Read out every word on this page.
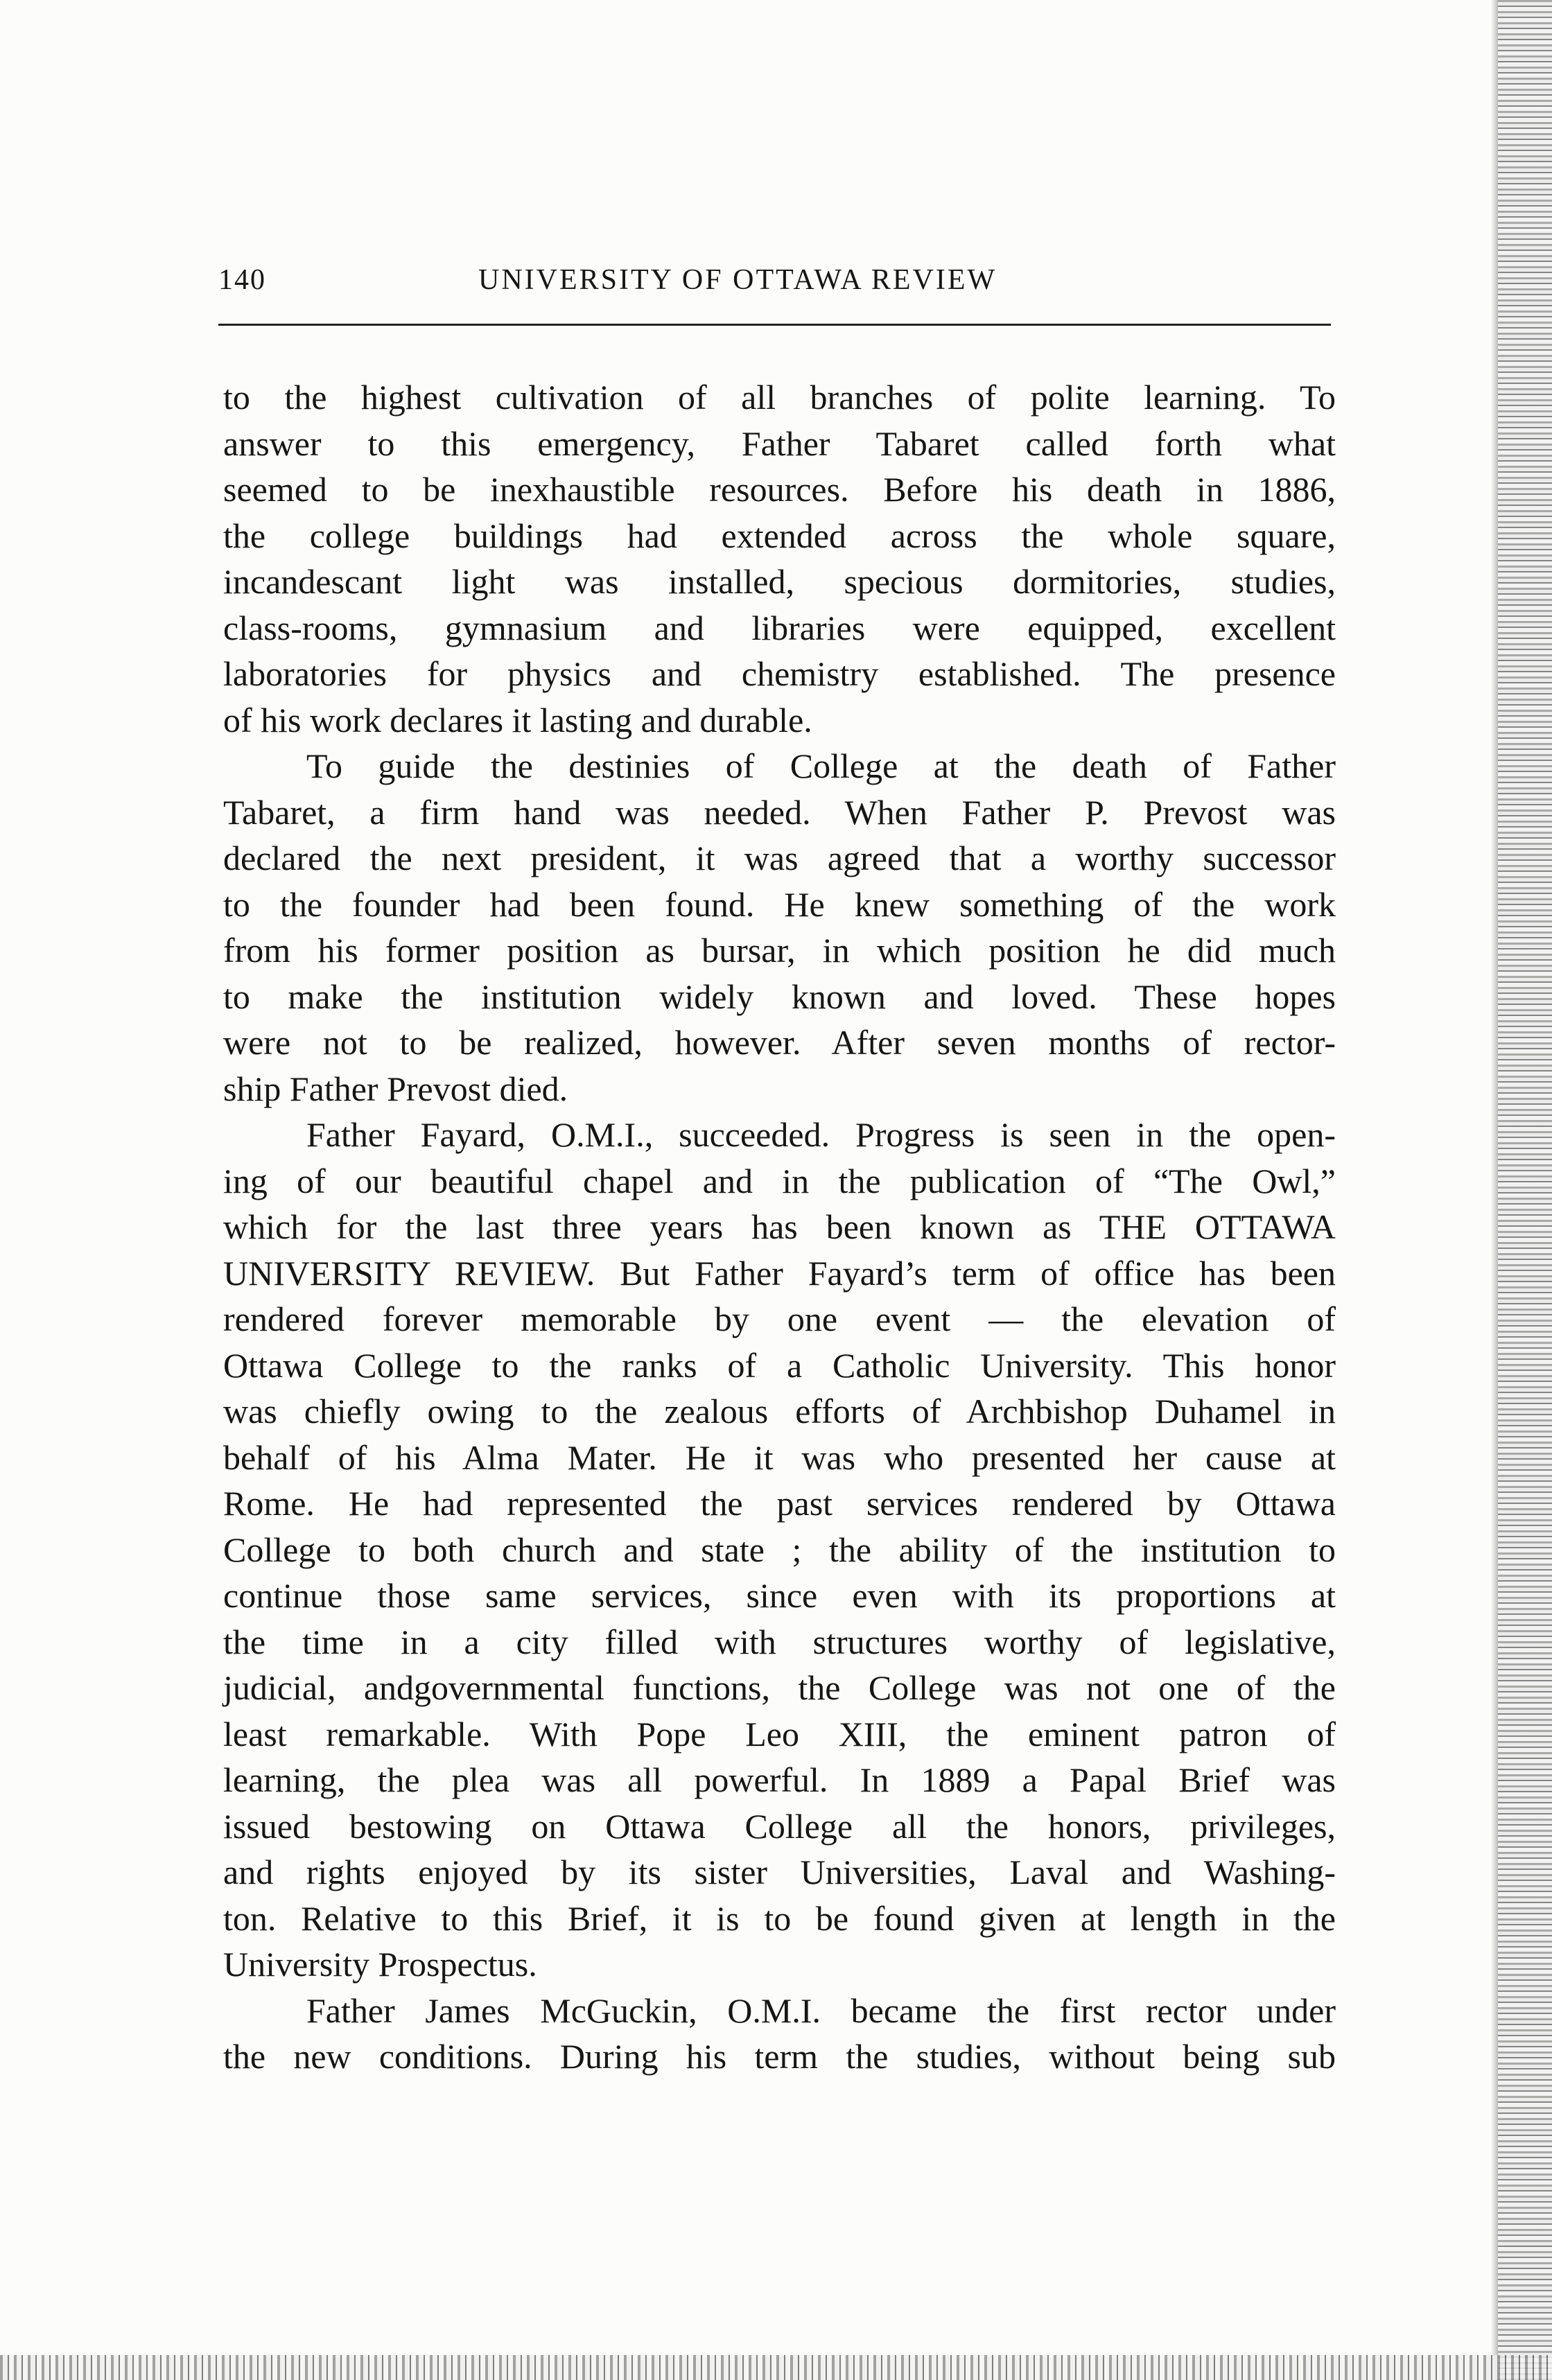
140	UNIVERSITY OF OTTAWA REVIEW
to the highest cultivation of all branches of polite learning. To
answer to this emergency, Father Tabaret called forth what
seemed to be inexhaustible resources. Before his death in 1886,
the college buildings had extended across the whole square,
incandescant light was installed, specious dormitories, studies,
class-rooms, gymnasium and libraries were equipped, excellent
laboratories for physics and chemistry established. The presence
of his work declares it lasting and durable.
To guide the destinies of College at the death of Father
Tabaret, a firm hand was needed. When Father P. Prevost was
declared the next president, it was agreed that a worthy successor
to the founder had been found. He knew something of the work
from his former position as bursar, in which position he did much
to make the institution widely known and loved. These hopes
were not to be realized, however. After seven months of rector-
ship Father Prevost died.
Father Fayard, O.M.I., succeeded. Progress is seen in the open-
ing of our beautiful chapel and in the publication of “The Owl,”
which for the last three years has been known as THE OTTAWA
UNIVERSITY REVIEW. But Father Fayard’s term of office has been
rendered forever memorable by one event — the elevation of
Ottawa College to the ranks of a Catholic University. This honor
was chiefly owing to the zealous efforts of Archbishop Duhamel in
behalf of his Alma Mater. He it was who presented her cause at
Rome. He had represented the past services rendered by Ottawa
College to both church and state ; the ability of the institution to
continue those same services, since even with its proportions at
the time in a city filled with structures worthy of legislative,
judicial, andgovernmental functions, the College was not one of the
least remarkable. With Pope Leo XIII, the eminent patron of
learning, the plea was all powerful. In 1889 a Papal Brief was
issued bestowing on Ottawa College all the honors, privileges,
and rights enjoyed by its sister Universities, Laval and Washing-
ton. Relative to this Brief, it is to be found given at length in the
University Prospectus.
Father James McGuckin, O.M.I. became the first rector under
the new conditions. During his term the studies, without being sub
